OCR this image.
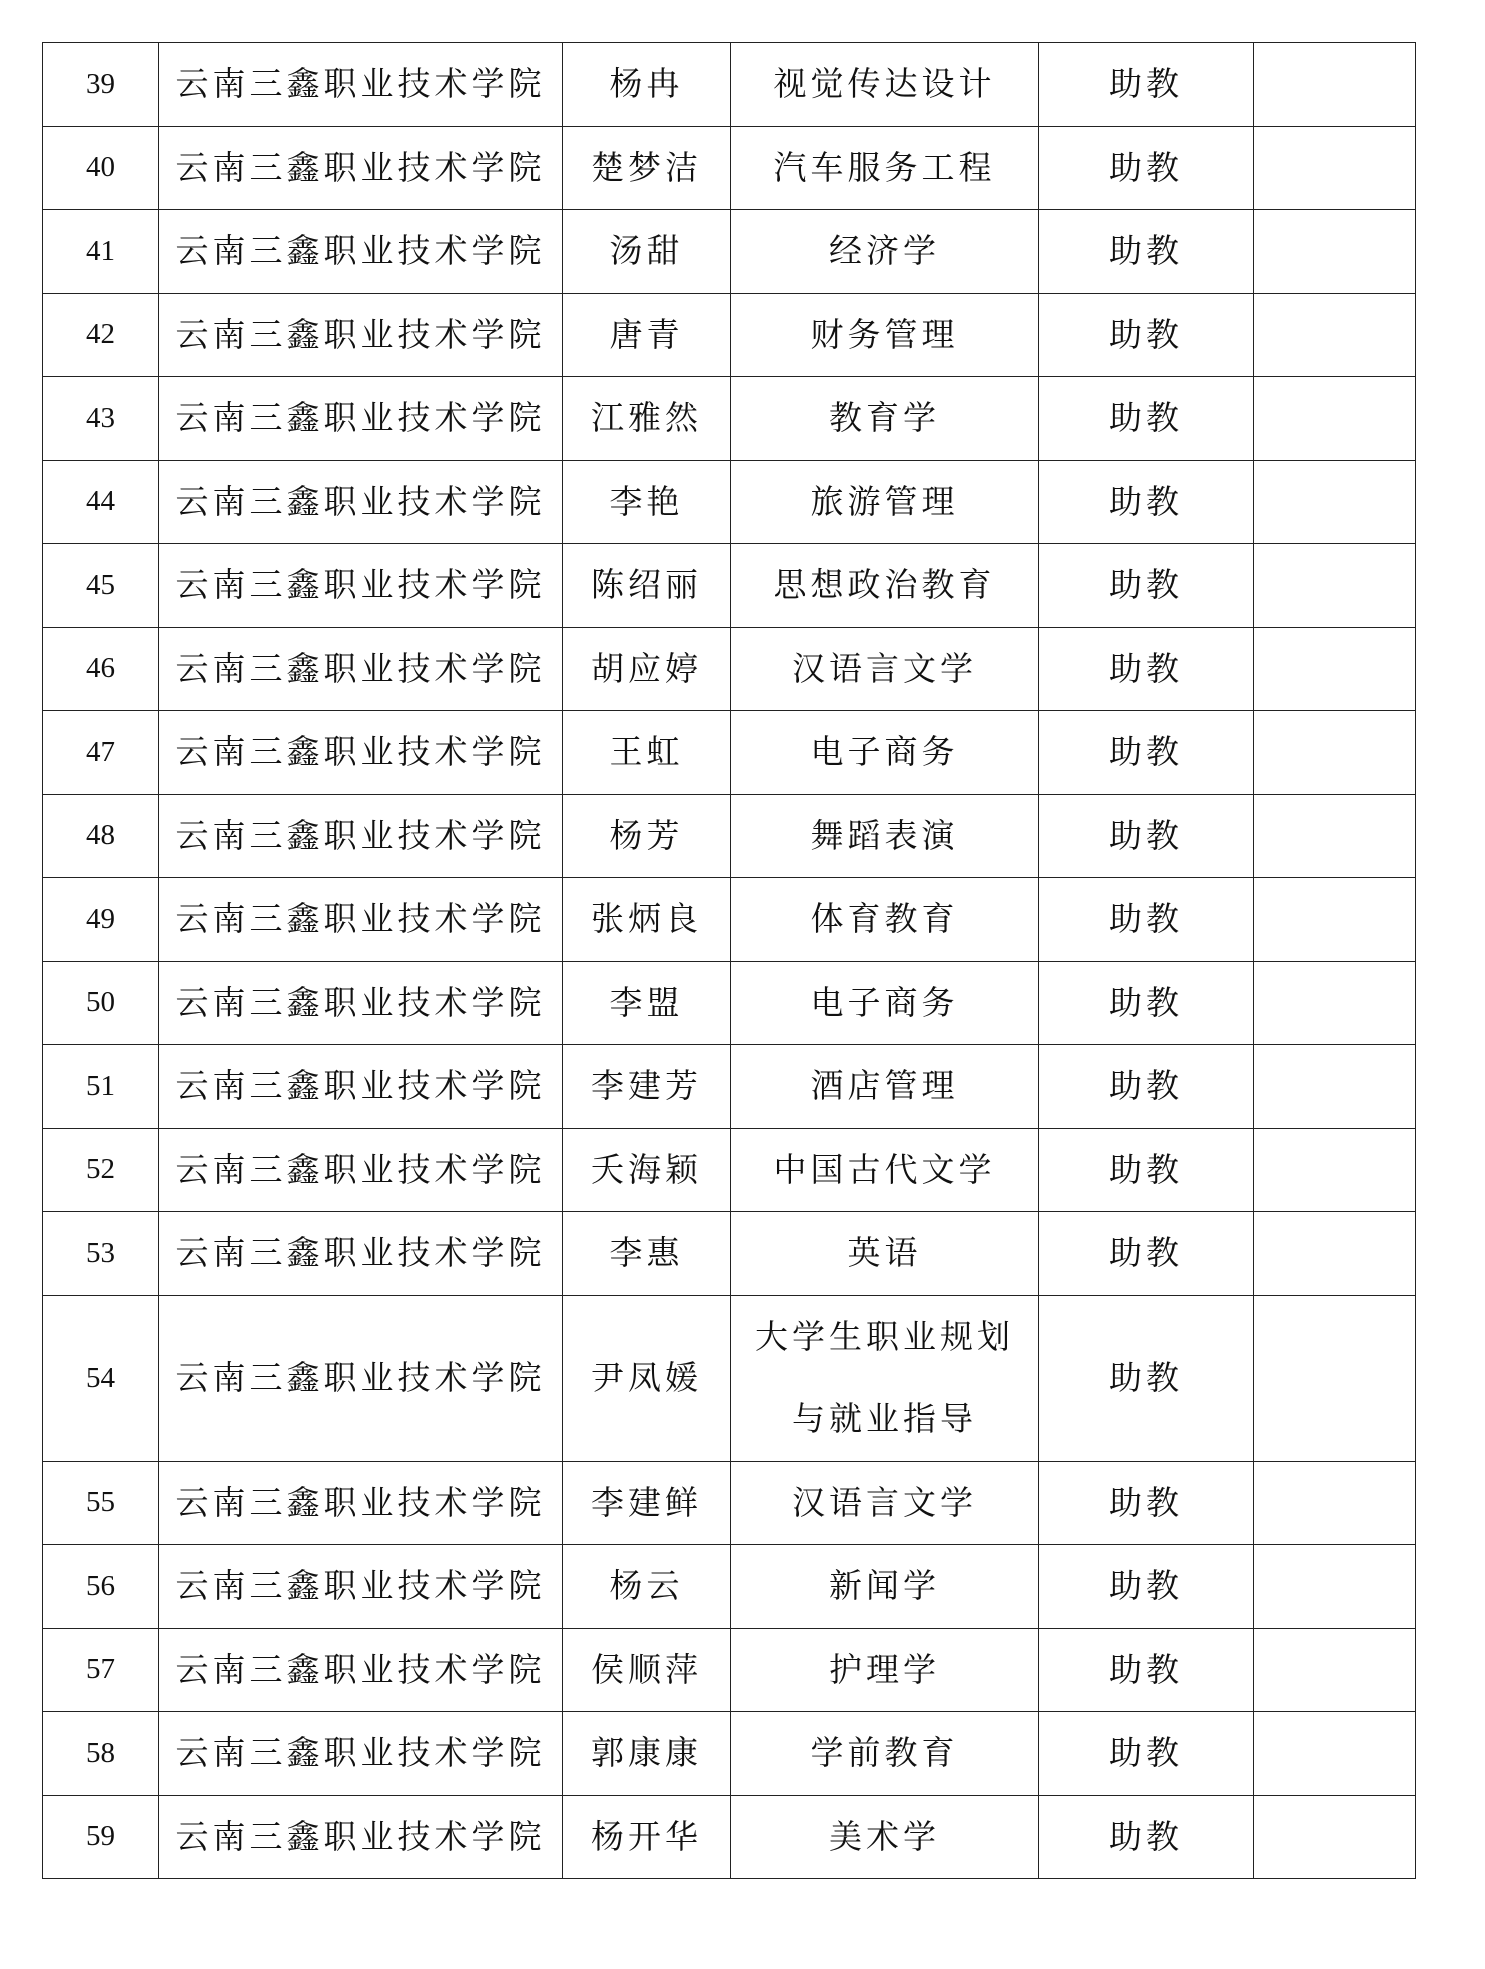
39	云南三鑫职业技术学院	杨冉	视觉传达设计	助教	
40	云南三鑫职业技术学院	楚梦洁	汽车服务工程	助教	
41	云南三鑫职业技术学院	汤甜	经济学	助教	
42	云南三鑫职业技术学院	唐青	财务管理	助教	
43	云南三鑫职业技术学院	江雅然	教育学	助教	
44	云南三鑫职业技术学院	李艳	旅游管理	助教	
45	云南三鑫职业技术学院	陈绍丽	思想政治教育	助教	
46	云南三鑫职业技术学院	胡应婷	汉语言文学	助教	
47	云南三鑫职业技术学院	王虹	电子商务	助教	
48	云南三鑫职业技术学院	杨芳	舞蹈表演	助教	
49	云南三鑫职业技术学院	张炳良	体育教育	助教	
50	云南三鑫职业技术学院	李盟	电子商务	助教	
51	云南三鑫职业技术学院	李建芳	酒店管理	助教	
52	云南三鑫职业技术学院	夭海颖	中国古代文学	助教	
53	云南三鑫职业技术学院	李惠	英语	助教	
54	云南三鑫职业技术学院	尹凤媛	大学生职业规划
与就业指导	助教	
55	云南三鑫职业技术学院	李建鲜	汉语言文学	助教	
56	云南三鑫职业技术学院	杨云	新闻学	助教	
57	云南三鑫职业技术学院	侯顺萍	护理学	助教	
58	云南三鑫职业技术学院	郭康康	学前教育	助教	
59	云南三鑫职业技术学院	杨开华	美术学	助教	
